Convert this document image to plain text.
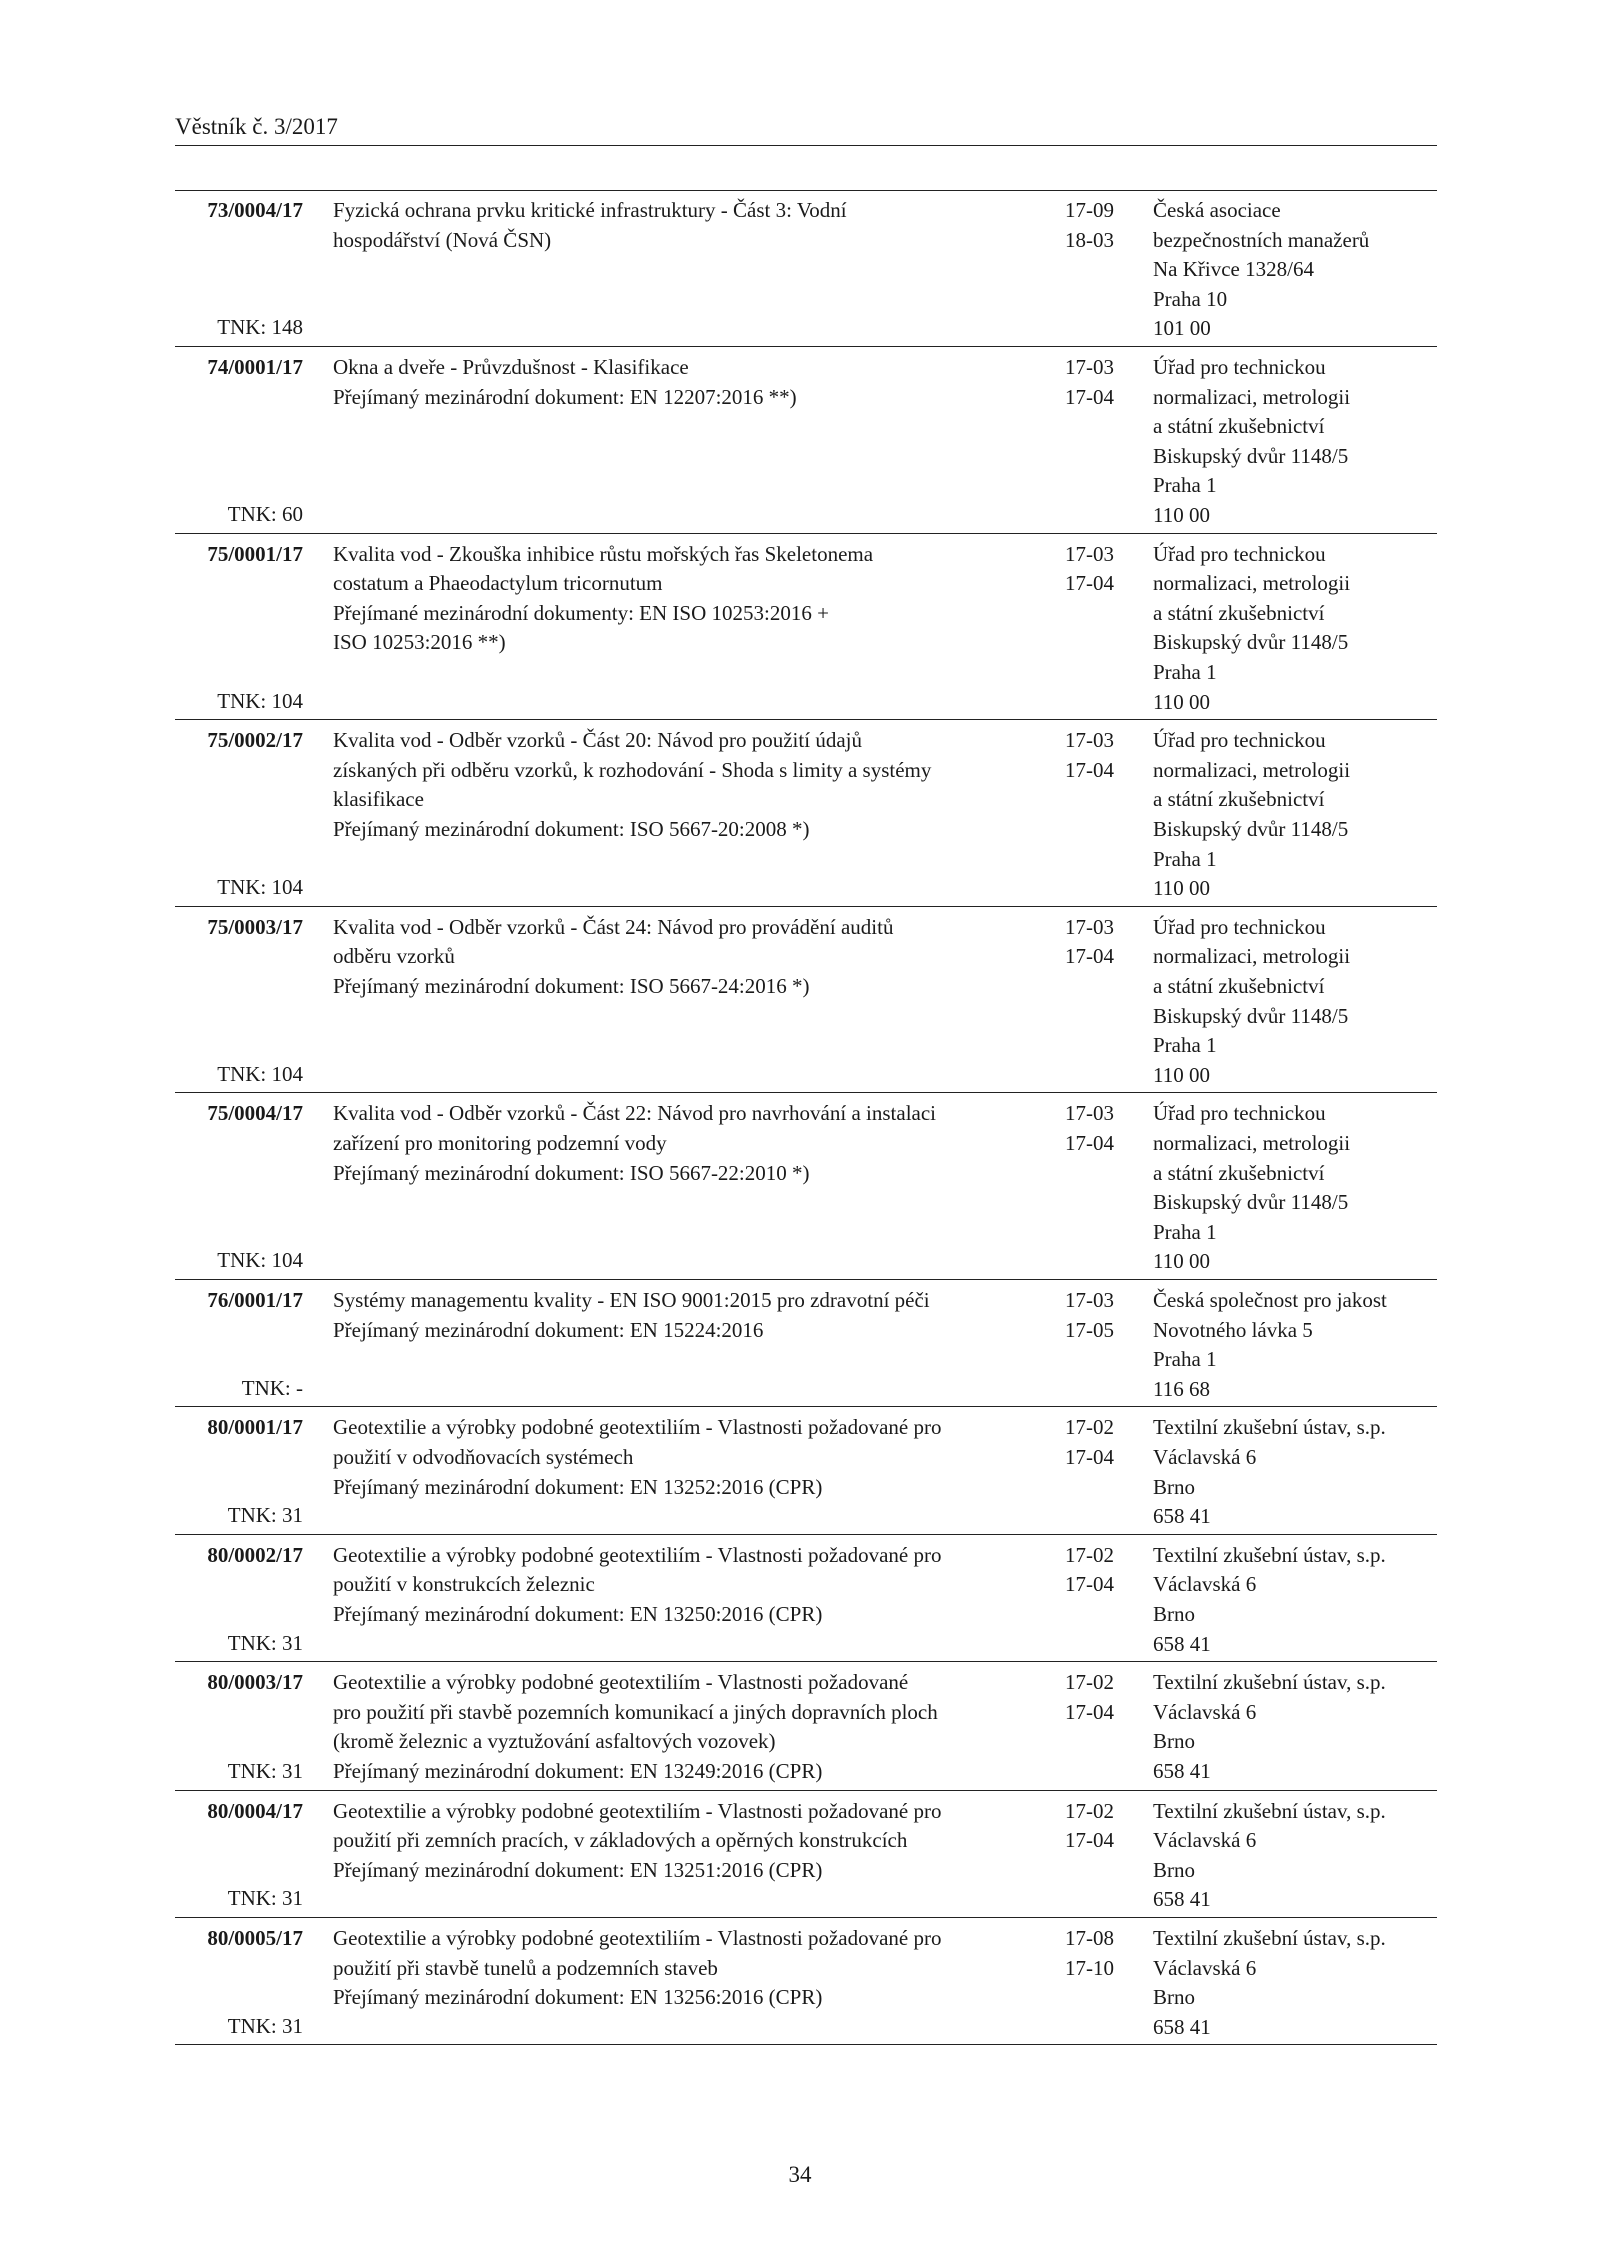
Věstník č. 3/2017
73/0004/17
TNK: 148
Fyzická ochrana prvku kritické infrastruktury - Část 3: Vodní
hospodářství (Nová ČSN)
17-09
18-03
Česká asociace
bezpečnostních manažerů
Na Křivce 1328/64
Praha 10
101 00
74/0001/17
TNK: 60
Okna a dveře - Průvzdušnost - Klasifikace
Přejímaný mezinárodní dokument: EN 12207:2016 **)
17-03
17-04
Úřad pro technickou
normalizaci, metrologii
a státní zkušebnictví
Biskupský dvůr 1148/5
Praha 1
110 00
75/0001/17
TNK: 104
Kvalita vod - Zkouška inhibice růstu mořských řas Skeletonema
costatum a Phaeodactylum tricornutum
Přejímané mezinárodní dokumenty: EN ISO 10253:2016 +
ISO 10253:2016 **)
17-03
17-04
Úřad pro technickou
normalizaci, metrologii
a státní zkušebnictví
Biskupský dvůr 1148/5
Praha 1
110 00
75/0002/17
TNK: 104
Kvalita vod - Odběr vzorků - Část 20: Návod pro použití údajů
získaných při odběru vzorků, k rozhodování - Shoda s limity a systémy
klasifikace
Přejímaný mezinárodní dokument: ISO 5667-20:2008 *)
17-03
17-04
Úřad pro technickou
normalizaci, metrologii
a státní zkušebnictví
Biskupský dvůr 1148/5
Praha 1
110 00
75/0003/17
TNK: 104
Kvalita vod - Odběr vzorků - Část 24: Návod pro provádění auditů
odběru vzorků
Přejímaný mezinárodní dokument: ISO 5667-24:2016 *)
17-03
17-04
Úřad pro technickou
normalizaci, metrologii
a státní zkušebnictví
Biskupský dvůr 1148/5
Praha 1
110 00
75/0004/17
TNK: 104
Kvalita vod - Odběr vzorků - Část 22: Návod pro navrhování a instalaci
zařízení pro monitoring podzemní vody
Přejímaný mezinárodní dokument: ISO 5667-22:2010 *)
17-03
17-04
Úřad pro technickou
normalizaci, metrologii
a státní zkušebnictví
Biskupský dvůr 1148/5
Praha 1
110 00
76/0001/17
TNK: -
Systémy managementu kvality - EN ISO 9001:2015 pro zdravotní péči
Přejímaný mezinárodní dokument: EN 15224:2016
17-03
17-05
Česká společnost pro jakost
Novotného lávka 5
Praha 1
116 68
80/0001/17
TNK: 31
Geotextilie a výrobky podobné geotextiliím - Vlastnosti požadované pro
použití v odvodňovacích systémech
Přejímaný mezinárodní dokument: EN 13252:2016 (CPR)
17-02
17-04
Textilní zkušební ústav, s.p.
Václavská 6
Brno
658 41
80/0002/17
TNK: 31
Geotextilie a výrobky podobné geotextiliím - Vlastnosti požadované pro
použití v konstrukcích železnic
Přejímaný mezinárodní dokument: EN 13250:2016 (CPR)
17-02
17-04
Textilní zkušební ústav, s.p.
Václavská 6
Brno
658 41
80/0003/17
TNK: 31
Geotextilie a výrobky podobné geotextiliím - Vlastnosti požadované
pro použití při stavbě pozemních komunikací a jiných dopravních ploch
(kromě železnic a vyztužování asfaltových vozovek)
Přejímaný mezinárodní dokument: EN 13249:2016 (CPR)
17-02
17-04
Textilní zkušební ústav, s.p.
Václavská 6
Brno
658 41
80/0004/17
TNK: 31
Geotextilie a výrobky podobné geotextiliím - Vlastnosti požadované pro
použití při zemních pracích, v základových a opěrných konstrukcích
Přejímaný mezinárodní dokument: EN 13251:2016 (CPR)
17-02
17-04
Textilní zkušební ústav, s.p.
Václavská 6
Brno
658 41
80/0005/17
TNK: 31
Geotextilie a výrobky podobné geotextiliím - Vlastnosti požadované pro
použití při stavbě tunelů a podzemních staveb
Přejímaný mezinárodní dokument: EN 13256:2016 (CPR)
17-08
17-10
Textilní zkušební ústav, s.p.
Václavská 6
Brno
658 41
34
